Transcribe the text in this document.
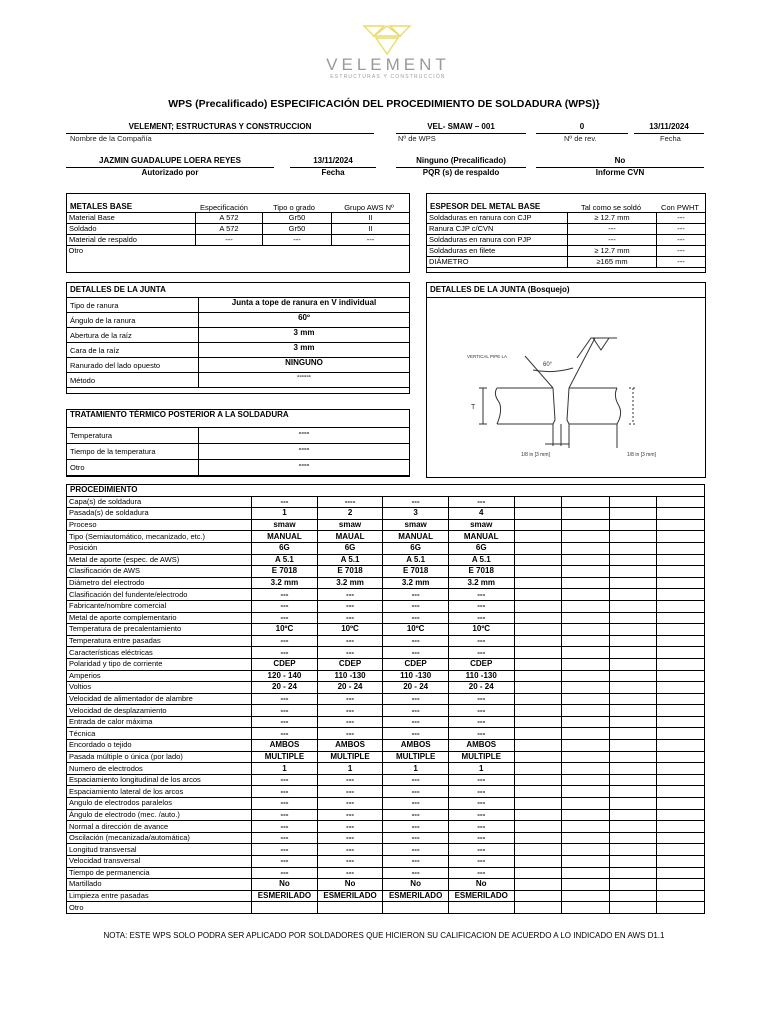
VELEMENT
ESTRUCTURAS Y CONSTRUCCIÓN
WPS (Precalificado) ESPECIFICACIÓN DEL PROCEDIMIENTO DE SOLDADURA (WPS)}
VELEMENT; ESTRUCTURAS Y CONSTRUCCION
Nombre de la Compañía
VEL- SMAW – 001
Nº de WPS
0
Nº de rev.
13/11/2024
Fecha
JAZMIN GUADALUPE LOERA REYES
Autorizado por
13/11/2024
Fecha
Ninguno (Precalificado)
PQR (s) de respaldo
No
Informe CVN
METALES BASE	Especificación	Tipo o grado	Grupo AWS Nº
Material Base	A 572	Gr50	II
Soldado	A 572	Gr50	II
Material de respaldo	---	---	---
Otro			
ESPESOR DEL METAL BASE	Tal como se soldó	Con PWHT
Soldaduras en ranura con CJP	≥ 12.7 mm	---
Ranura CJP c/CVN	---	---
Soldaduras en ranura con PJP	---	---
Soldaduras en filete	≥ 12.7 mm	---
DIÁMETRO	≥165 mm	---
DETALLES DE LA JUNTA
Tipo de ranura	Junta a tope de ranura en V individual
Ángulo de la ranura	60º
Abertura de la raíz	3 mm
Cara de la raíz	3 mm
Ranurado del lado opuesto	NINGUNO
Método	------
DETALLES DE LA JUNTA (Bosquejo)
VERTICAL PIPE LA
60°
T
1/8 in [3 mm]	1/8 in [3 mm]
TRATAMIENTO TÉRMICO POSTERIOR A LA SOLDADURA
Temperatura	----
Tiempo de la temperatura	----
Otro	----
PROCEDIMIENTO								
Capa(s) de soldadura	---	----	---	---				
Pasada(s) de soldadura	1	2	3	4				
Proceso	smaw	smaw	smaw	smaw				
Tipo (Semiautomático, mecanizado, etc.)	MANUAL	MAUAL	MANUAL	MANUAL				
Posición	6G	6G	6G	6G				
Metal de aporte (espec. de AWS)	A 5.1	A 5.1	A 5.1	A 5.1				
Clasificación de AWS	E 7018	E 7018	E 7018	E 7018				
Diámetro del electrodo	3.2 mm	3.2 mm	3.2 mm	3.2 mm				
Clasificación del fundente/electrodo	---	---	---	---				
Fabricante/nombre comercial	---	---	---	---				
Metal de aporte complementario	---	---	---	---				
Temperatura de precalentamiento	10ºC	10ºC	10ºC	10ºC				
Temperatura entre pasadas	---	---	---	---				
Características eléctricas	---	---	---	---				
Polaridad y tipo de corriente	CDEP	CDEP	CDEP	CDEP				
Amperios	120 - 140	110 -130	110 -130	110 -130				
Voltios	20 - 24	20 - 24	20 - 24	20 - 24				
Velocidad de alimentador de alambre	---	---	---	---				
Velocidad de desplazamiento	---	---	---	---				
Entrada de calor máxima	---	---	---	---				
Técnica	---	---	---	---				
Encordado o tejido	AMBOS	AMBOS	AMBOS	AMBOS				
Pasada múltiple o única (por lado)	MULTIPLE	MULTIPLE	MULTIPLE	MULTIPLE				
Numero de electrodos	1	1	1	1				
Espaciamiento longitudinal de los arcos	---	---	---	---				
Espaciamiento lateral de los arcos	---	---	---	---				
Angulo de electrodos paralelos	---	---	---	---				
Ángulo de electrodo (mec. /auto.)	---	---	---	---				
Normal a dirección de avance	---	---	---	---				
Oscilación (mecanizada/automática)	---	---	---	---				
Longitud transversal	---	---	---	---				
Velocidad transversal	---	---	---	---				
Tiempo de permanencia	---	---	---	---				
Martillado	No	No	No	No				
Limpieza entre pasadas	ESMERILADO	ESMERILADO	ESMERILADO	ESMERILADO				
Otro								
NOTA: ESTE WPS SOLO PODRA SER APLICADO POR SOLDADORES QUE HICIERON SU CALIFICACION DE ACUERDO A LO INDICADO EN AWS D1.1
